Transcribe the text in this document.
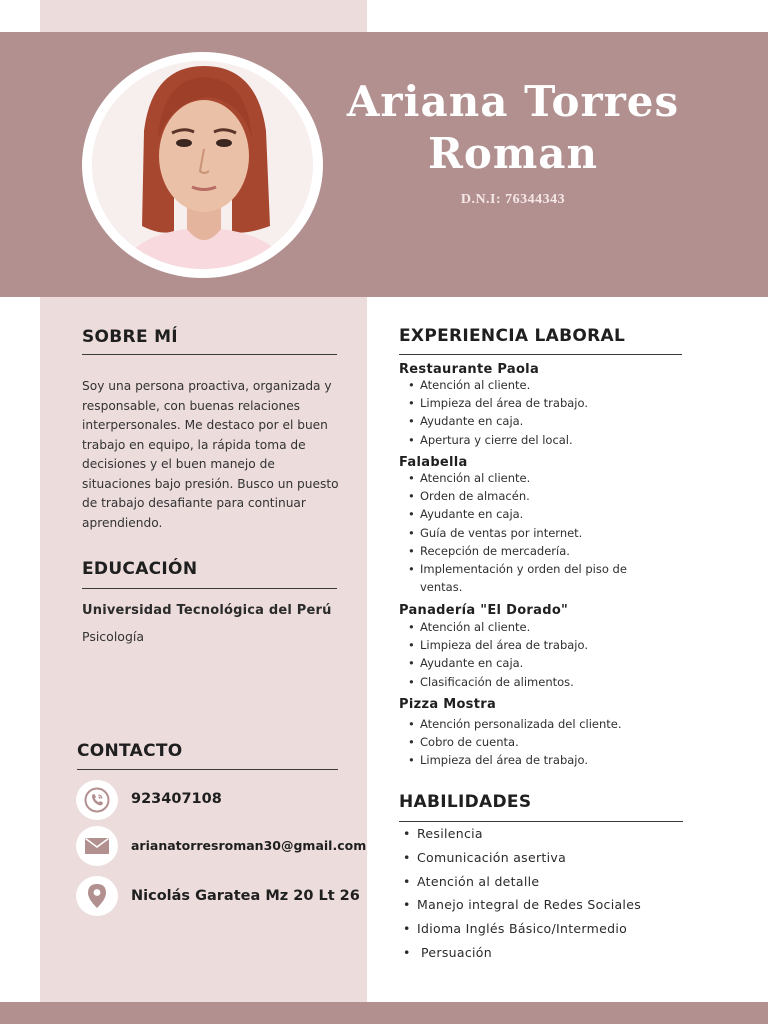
Ariana Torres
Roman
D.N.I: 76344343
SOBRE MÍ
Soy una persona proactiva, organizada y responsable, con buenas relaciones interpersonales. Me destaco por el buen trabajo en equipo, la rápida toma de decisiones y el buen manejo de situaciones bajo presión. Busco un puesto de trabajo desafiante para continuar aprendiendo.
EDUCACIÓN
Universidad Tecnológica del Perú
Psicología
CONTACTO
923407108
arianatorresroman30@gmail.com
Nicolás Garatea Mz 20 Lt 26
EXPERIENCIA LABORAL
Restaurante Paola
• Atención al cliente.
• Limpieza del área de trabajo.
• Ayudante en caja.
• Apertura y cierre del local.
Falabella
• Atención al cliente.
• Orden de almacén.
• Ayudante en caja.
• Guía de ventas por internet.
• Recepción de mercadería.
• Implementación y orden del piso de ventas.
Panadería "El Dorado"
• Atención al cliente.
• Limpieza del área de trabajo.
• Ayudante en caja.
• Clasificación de alimentos.
Pizza Mostra
• Atención personalizada del cliente.
• Cobro de cuenta.
• Limpieza del área de trabajo.
HABILIDADES
• Resilencia
• Comunicación asertiva
• Atención al detalle
• Manejo integral de Redes Sociales
• Idioma Inglés Básico/Intermedio
• Persuación
